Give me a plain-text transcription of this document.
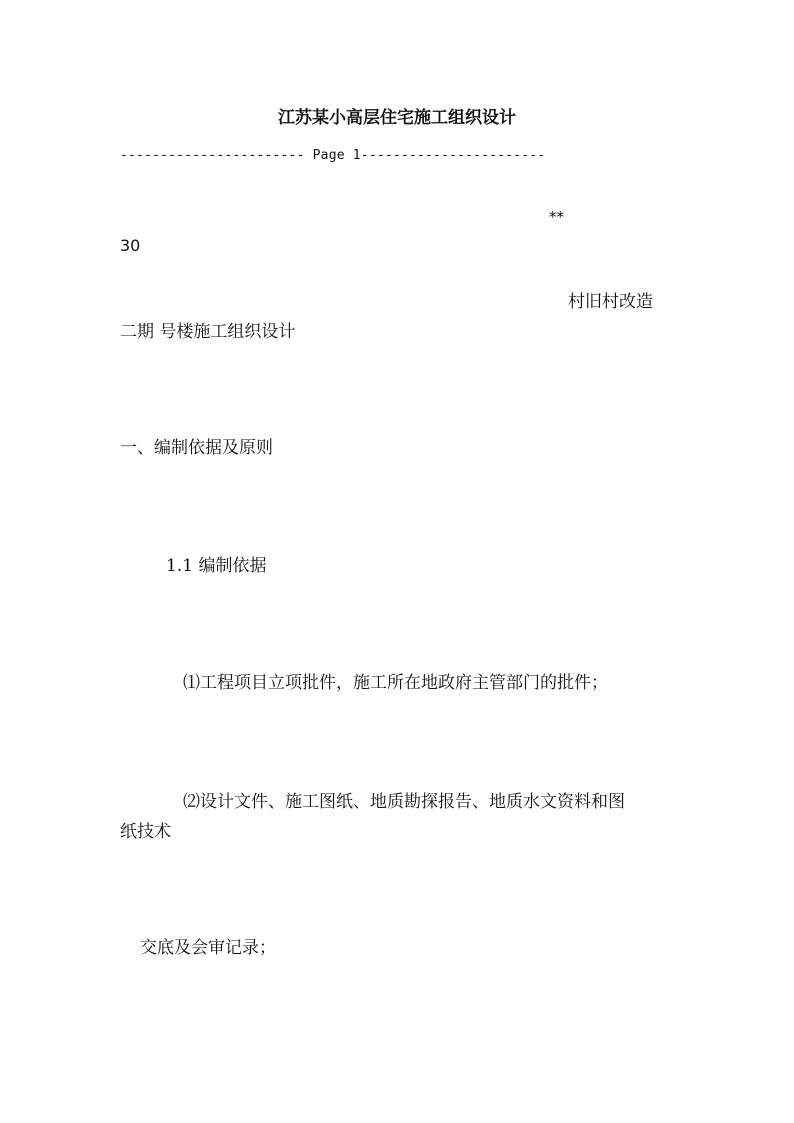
江苏某小高层住宅施工组织设计
----------------------- Page 1-----------------------
**
30
村旧村改造
二期 号楼施工组织设计
一、编制依据及原则
1.1 编制依据
⑴工程项目立项批件，施工所在地政府主管部门的批件；
⑵设计文件、施工图纸、地质勘探报告、地质水文资料和图
纸技术
交底及会审记录；
